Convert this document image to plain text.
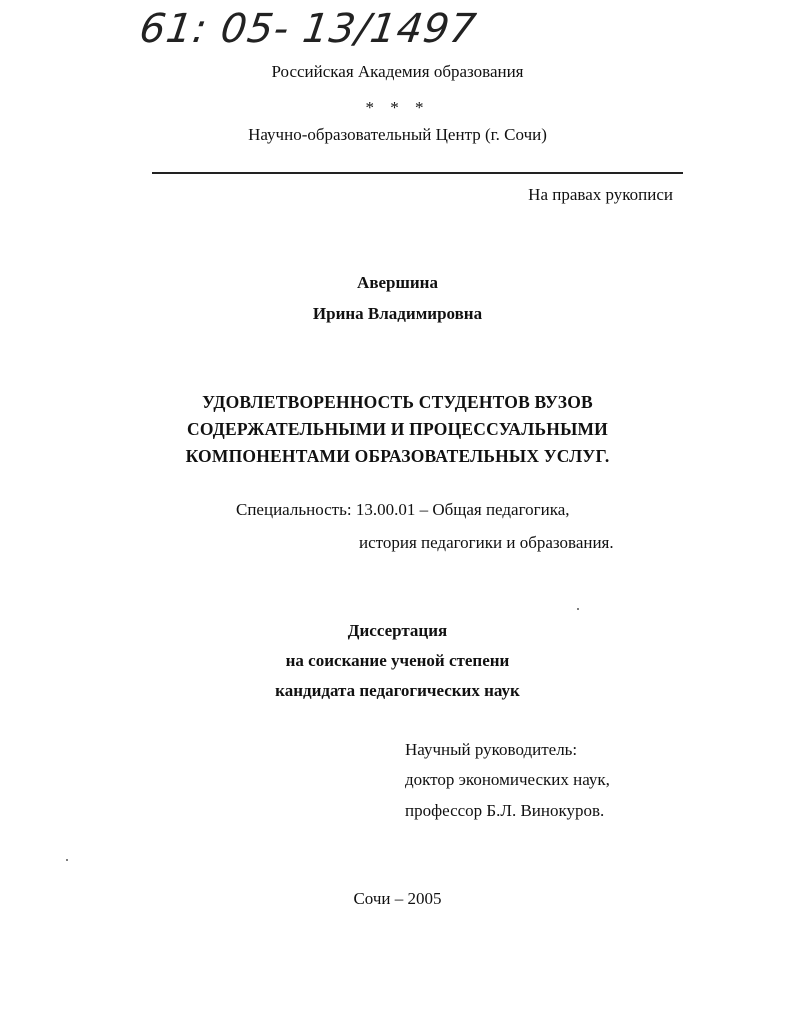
61: 05- 13/1497
Российская Академия образования
* * *
Научно-образовательный Центр (г. Сочи)
На правах рукописи
Авершина
Ирина Владимировна
УДОВЛЕТВОРЕННОСТЬ СТУДЕНТОВ ВУЗОВ
СОДЕРЖАТЕЛЬНЫМИ И ПРОЦЕССУАЛЬНЫМИ
КОМПОНЕНТАМИ ОБРАЗОВАТЕЛЬНЫХ УСЛУГ.
Специальность: 13.00.01 – Общая педагогика,
история педагогики и образования.
Диссертация
на соискание ученой степени
кандидата педагогических наук
Научный руководитель:
доктор экономических наук,
профессор Б.Л. Винокуров.
Сочи – 2005
